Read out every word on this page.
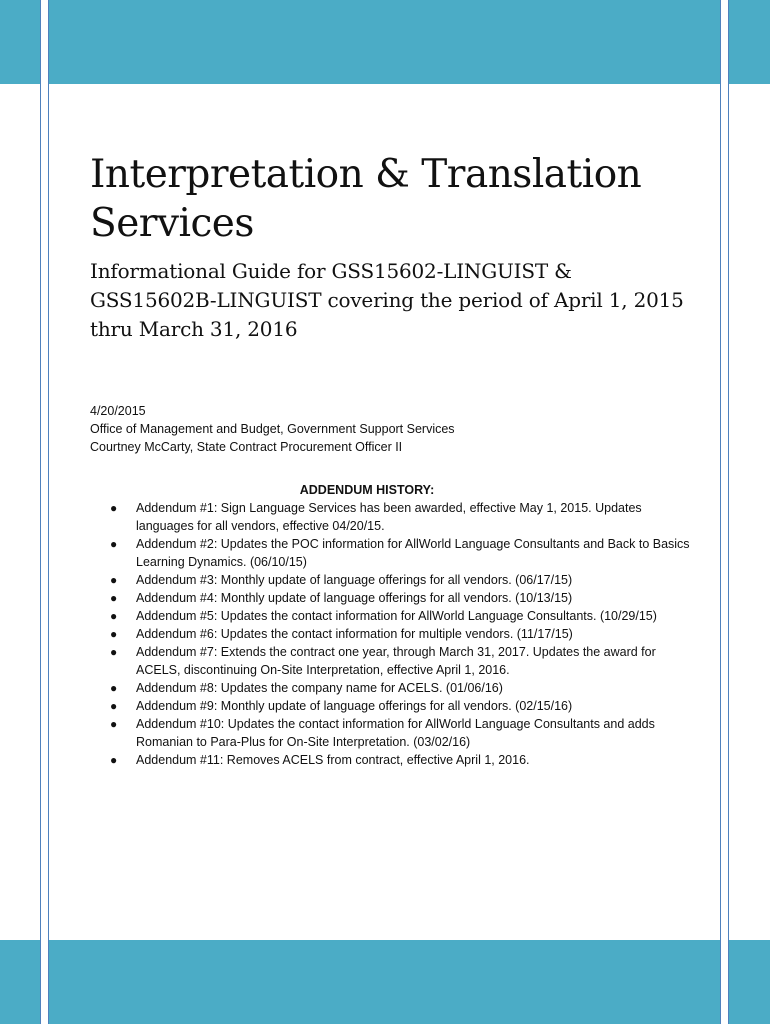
Interpretation & Translation Services

Informational Guide for GSS15602-LINGUIST & GSS15602B-LINGUIST covering the period of April 1, 2015 thru March 31, 2016

4/20/2015
Office of Management and Budget, Government Support Services
Courtney McCarty, State Contract Procurement Officer II
ADDENDUM HISTORY:
● Addendum #1: Sign Language Services has been awarded, effective May 1, 2015. Updates languages for all vendors, effective 04/20/15.
● Addendum #2: Updates the POC information for AllWorld Language Consultants and Back to Basics Learning Dynamics. (06/10/15)
● Addendum #3: Monthly update of language offerings for all vendors. (06/17/15)
● Addendum #4: Monthly update of language offerings for all vendors. (10/13/15)
● Addendum #5: Updates the contact information for AllWorld Language Consultants. (10/29/15)
● Addendum #6: Updates the contact information for multiple vendors. (11/17/15)
● Addendum #7: Extends the contract one year, through March 31, 2017. Updates the award for ACELS, discontinuing On-Site Interpretation, effective April 1, 2016.
● Addendum #8: Updates the company name for ACELS. (01/06/16)
● Addendum #9: Monthly update of language offerings for all vendors. (02/15/16)
● Addendum #10: Updates the contact information for AllWorld Language Consultants and adds Romanian to Para-Plus for On-Site Interpretation. (03/02/16)
● Addendum #11: Removes ACELS from contract, effective April 1, 2016.
